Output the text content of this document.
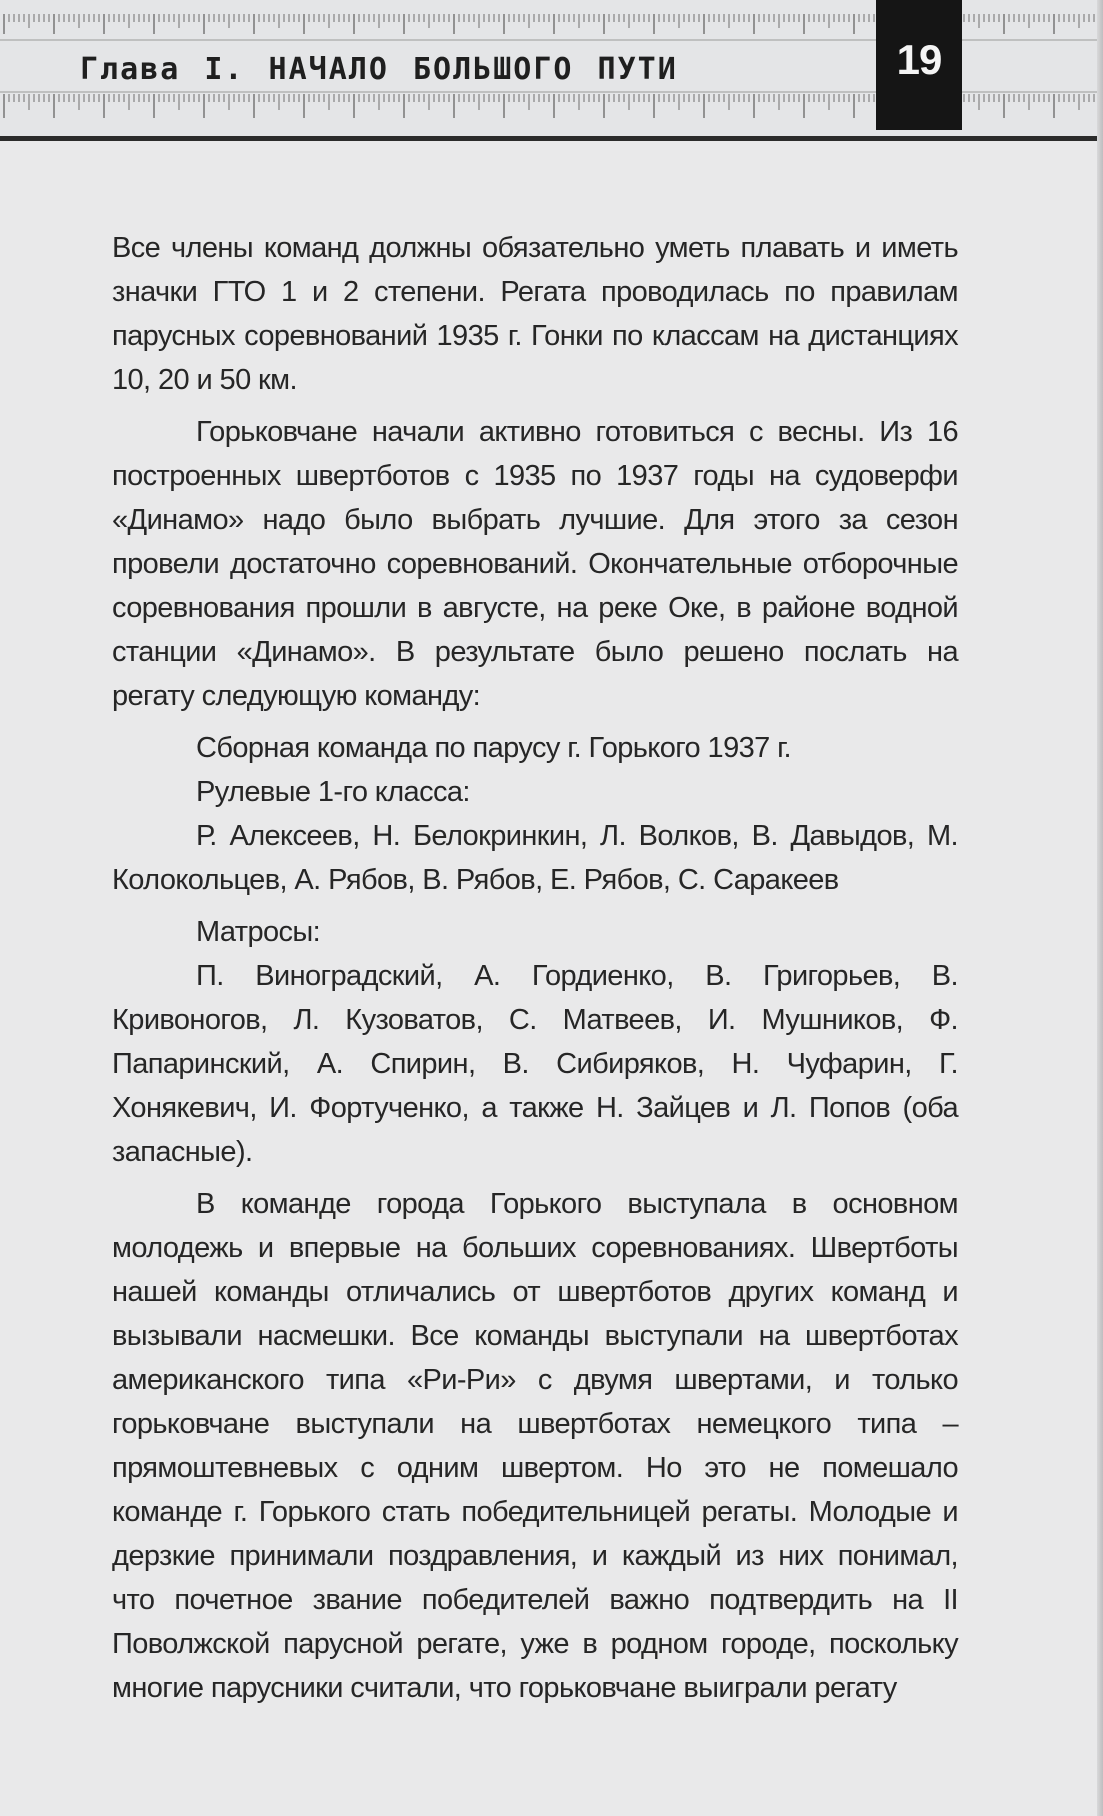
Глава I. НАЧАЛО БОЛЬШОГО ПУТИ	19

Все члены команд должны обязательно уметь плавать и иметь значки ГТО 1 и 2 степени. Регата проводилась по правилам парусных соревнований 1935 г. Гонки по классам на дистанциях 10, 20 и 50 км.

Горьковчане начали активно готовиться с весны. Из 16 построенных швертботов с 1935 по 1937 годы на судоверфи «Динамо» надо было выбрать лучшие. Для этого за сезон провели достаточно соревнований. Окончательные отборочные соревнования прошли в августе, на реке Оке, в районе водной станции «Динамо». В результате было решено послать на регату следующую команду:

Сборная команда по парусу г. Горького 1937 г.

Рулевые 1-го класса:

Р. Алексеев, Н. Белокринкин, Л. Волков, В. Давыдов, М. Колокольцев, А. Рябов, В. Рябов, Е. Рябов, С. Саракеев

Матросы:

П. Виноградский, А. Гордиенко, В. Григорьев, В. Кривоногов, Л. Кузоватов, С. Матвеев, И. Мушников, Ф. Папаринский, А. Спирин, В. Сибиряков, Н. Чуфарин, Г. Хонякевич, И. Фортученко, а также Н. Зайцев и Л. Попов (оба запасные).

В команде города Горького выступала в основном молодежь и впервые на больших соревнованиях. Швертботы нашей команды отличались от швертботов других команд и вызывали насмешки. Все команды выступали на швертботах американского типа «Ри-Ри» с двумя швертами, и только горьковчане выступали на швертботах немецкого типа – прямоштевневых с одним швертом. Но это не помешало команде г. Горького стать победительницей регаты. Молодые и дерзкие принимали поздравления, и каждый из них понимал, что почетное звание победителей важно подтвердить на II Поволжской парусной регате, уже в родном городе, поскольку многие парусники считали, что горьковчане выиграли регату
